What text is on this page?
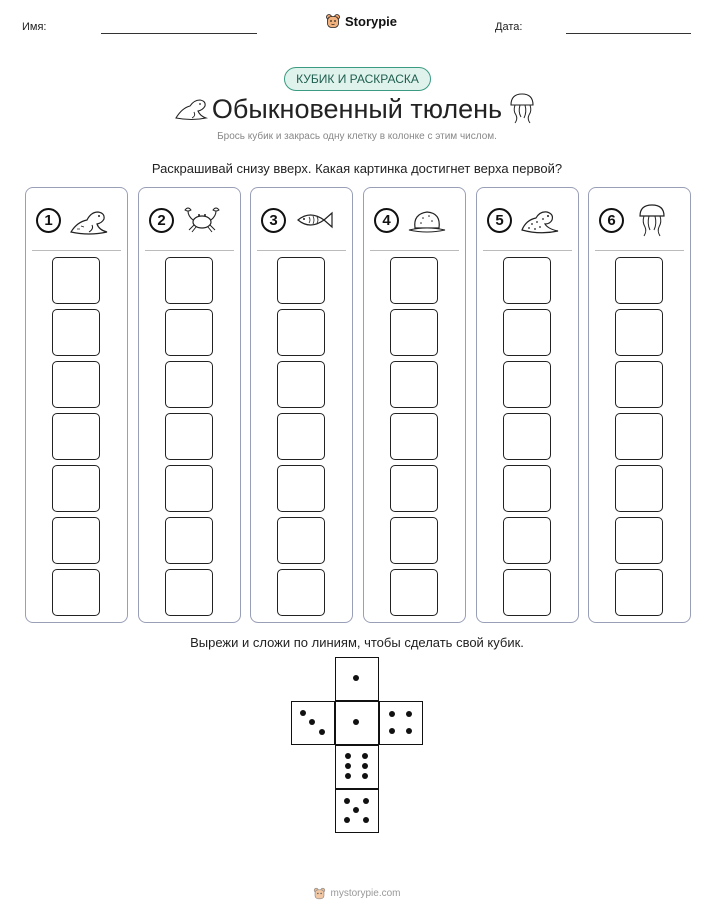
Имя:	Storypie	Дата:
КУБИК И РАСКРАСКА
Обыкновенный тюлень
Брось кубик и закрась одну клетку в колонке с этим числом.
Раскрашивай снизу вверх. Какая картинка достигнет верха первой?
1	2	3	4	5	6
Вырежи и сложи по линиям, чтобы сделать свой кубик.
mystorypie.com
